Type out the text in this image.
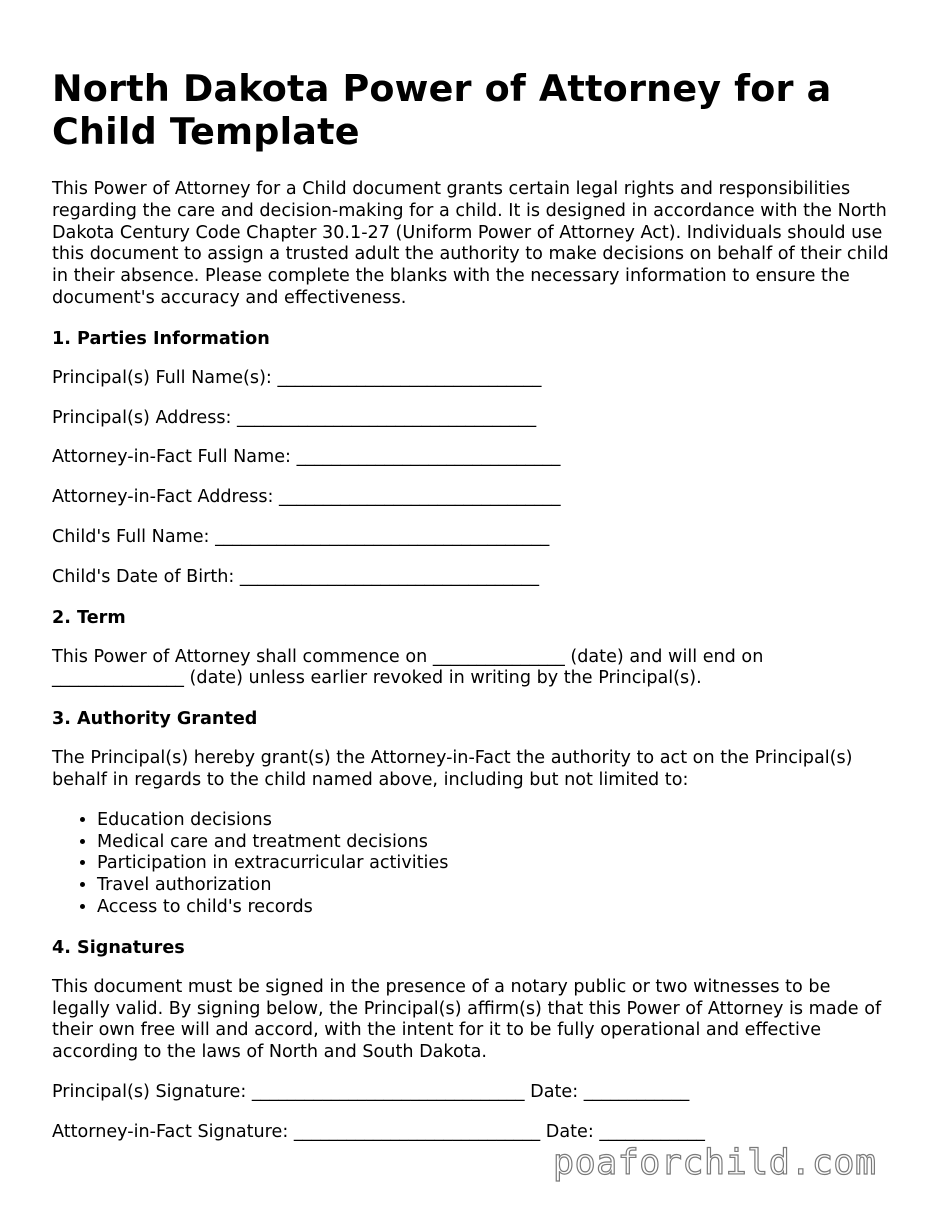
North Dakota Power of Attorney for a Child Template

This Power of Attorney for a Child document grants certain legal rights and responsibilities regarding the care and decision-making for a child. It is designed in accordance with the North Dakota Century Code Chapter 30.1-27 (Uniform Power of Attorney Act). Individuals should use this document to assign a trusted adult the authority to make decisions on behalf of their child in their absence. Please complete the blanks with the necessary information to ensure the document's accuracy and effectiveness.

1. Parties Information

Principal(s) Full Name(s): ______________________________

Principal(s) Address: __________________________________

Attorney-in-Fact Full Name: ______________________________

Attorney-in-Fact Address: ________________________________

Child's Full Name: ______________________________________

Child's Date of Birth: __________________________________

2. Term

This Power of Attorney shall commence on _______________ (date) and will end on _______________ (date) unless earlier revoked in writing by the Principal(s).

3. Authority Granted

The Principal(s) hereby grant(s) the Attorney-in-Fact the authority to act on the Principal(s) behalf in regards to the child named above, including but not limited to:

• Education decisions
• Medical care and treatment decisions
• Participation in extracurricular activities
• Travel authorization
• Access to child's records
4. Signatures

This document must be signed in the presence of a notary public or two witnesses to be legally valid. By signing below, the Principal(s) affirm(s) that this Power of Attorney is made of their own free will and accord, with the intent for it to be fully operational and effective according to the laws of North and South Dakota.

Principal(s) Signature: _______________________________ Date: ____________

Attorney-in-Fact Signature: ____________________________ Date: ____________

poaforchild.com
